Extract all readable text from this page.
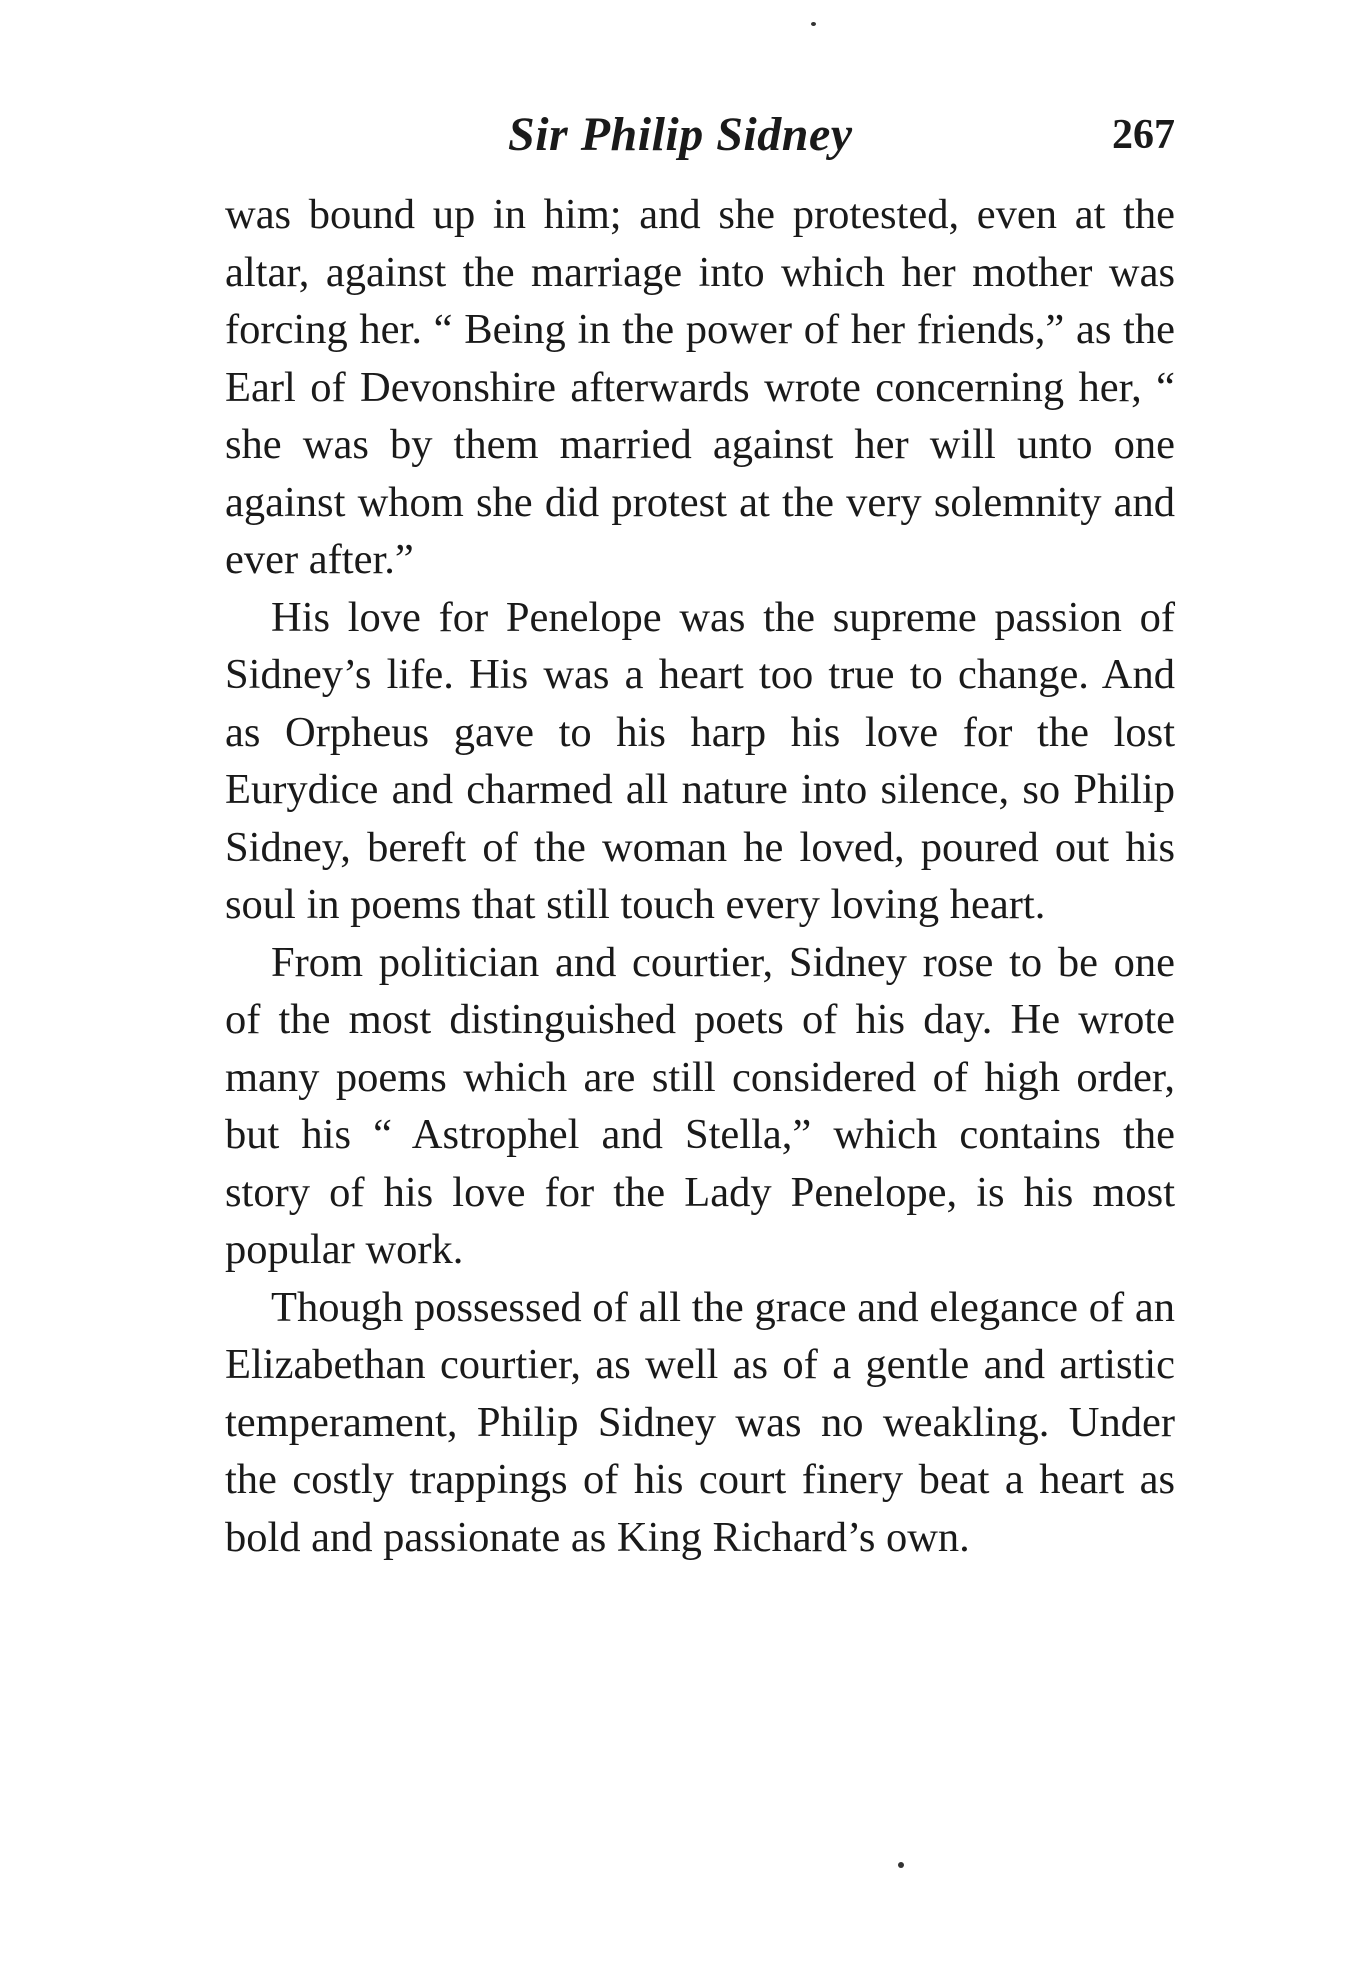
Sir Philip Sidney	267

was bound up in him; and she protested, even at the altar, against the marriage into which her mother was forcing her. “ Being in the power of her friends,” as the Earl of Devonshire afterwards wrote concerning her, “ she was by them married against her will unto one against whom she did protest at the very solemnity and ever after.”

His love for Penelope was the supreme passion of Sidney’s life. His was a heart too true to change. And as Orpheus gave to his harp his love for the lost Eurydice and charmed all nature into silence, so Philip Sidney, bereft of the woman he loved, poured out his soul in poems that still touch every loving heart.

From politician and courtier, Sidney rose to be one of the most distinguished poets of his day. He wrote many poems which are still considered of high order, but his “ Astrophel and Stella,” which contains the story of his love for the Lady Penelope, is his most popular work.

Though possessed of all the grace and elegance of an Elizabethan courtier, as well as of a gentle and artistic temperament, Philip Sidney was no weakling. Under the costly trappings of his court finery beat a heart as bold and passionate as King Richard’s own.
